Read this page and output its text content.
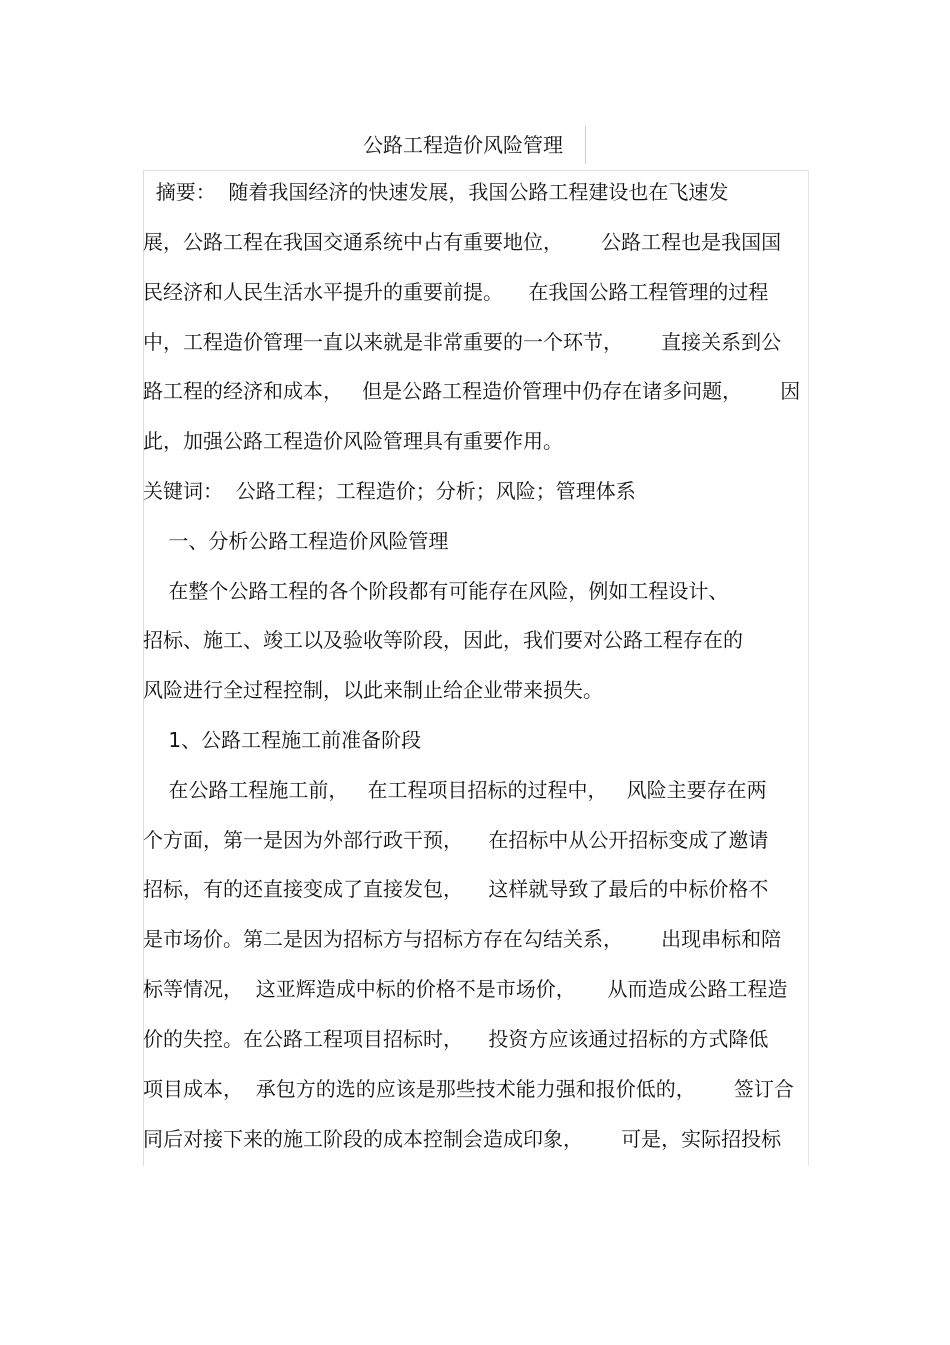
公路工程造价风险管理
摘要：  随着我国经济的快速发展，我国公路工程建设也在飞速发
展，公路工程在我国交通系统中占有重要地位，      公路工程也是我国国
民经济和人民生活水平提升的重要前提。    在我国公路工程管理的过程
中，工程造价管理一直以来就是非常重要的一个环节，      直接关系到公
路工程的经济和成本，   但是公路工程造价管理中仍存在诸多问题，      因
此，加强公路工程造价风险管理具有重要作用。
关键词：  公路工程；工程造价；分析；风险；管理体系
一、分析公路工程造价风险管理
在整个公路工程的各个阶段都有可能存在风险，例如工程设计、
招标、施工、竣工以及验收等阶段，因此，我们要对公路工程存在的
风险进行全过程控制，以此来制止给企业带来损失。
1、公路工程施工前准备阶段
在公路工程施工前，   在工程项目招标的过程中，   风险主要存在两
个方面，第一是因为外部行政干预，    在招标中从公开招标变成了邀请
招标，有的还直接变成了直接发包，    这样就导致了最后的中标价格不
是市场价。第二是因为招标方与招标方存在勾结关系，      出现串标和陪
标等情况，  这亚辉造成中标的价格不是市场价，     从而造成公路工程造
价的失控。在公路工程项目招标时，    投资方应该通过招标的方式降低
项目成本，  承包方的选的应该是那些技术能力强和报价低的，      签订合
同后对接下来的施工阶段的成本控制会造成印象，      可是，实际招投标
